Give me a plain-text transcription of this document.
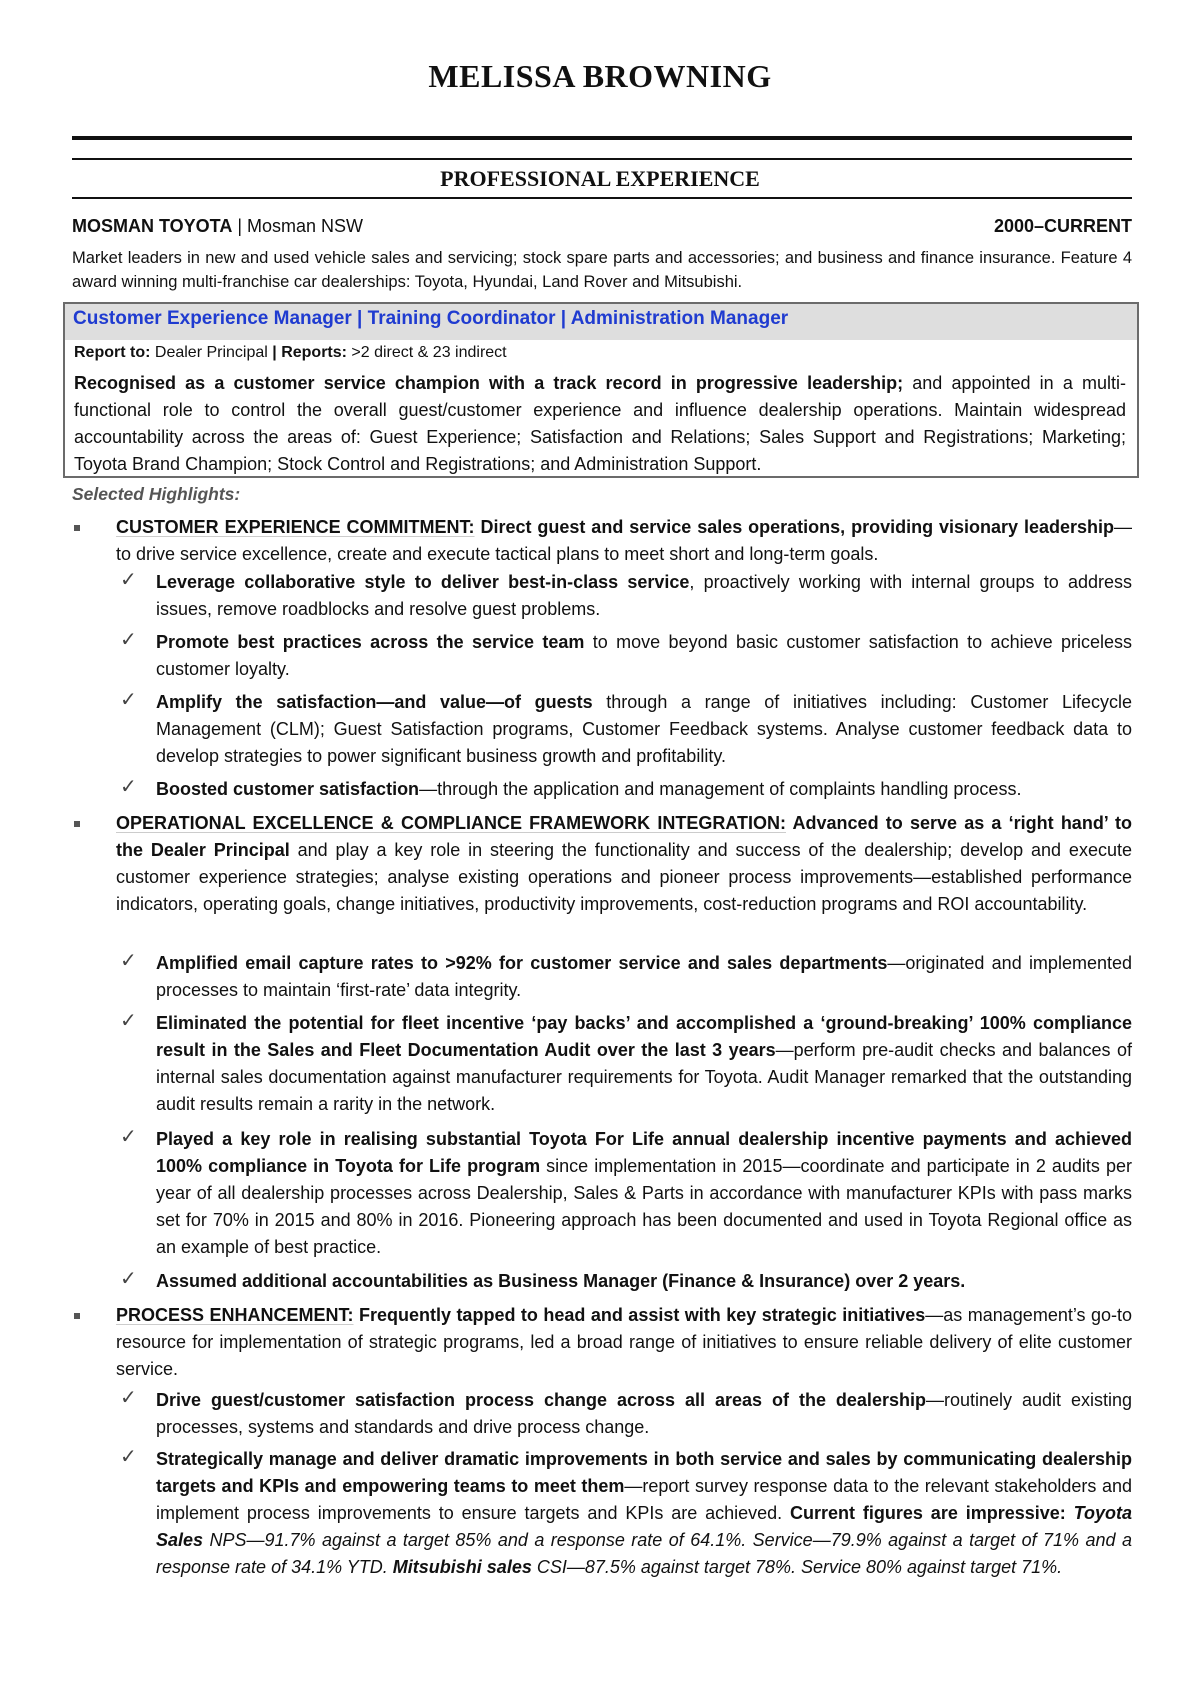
MELISSA BROWNING
PROFESSIONAL EXPERIENCE
MOSMAN TOYOTA | Mosman NSW	2000–CURRENT
Market leaders in new and used vehicle sales and servicing; stock spare parts and accessories; and business and finance insurance. Feature 4 award winning multi-franchise car dealerships: Toyota, Hyundai, Land Rover and Mitsubishi.
Customer Experience Manager | Training Coordinator | Administration Manager
Report to: Dealer Principal | Reports: >2 direct & 23 indirect
Recognised as a customer service champion with a track record in progressive leadership; and appointed in a multi-functional role to control the overall guest/customer experience and influence dealership operations. Maintain widespread accountability across the areas of: Guest Experience; Satisfaction and Relations; Sales Support and Registrations; Marketing; Toyota Brand Champion; Stock Control and Registrations; and Administration Support.
Selected Highlights:
CUSTOMER EXPERIENCE COMMITMENT: Direct guest and service sales operations, providing visionary leadership—to drive service excellence, create and execute tactical plans to meet short and long-term goals.
✓ Leverage collaborative style to deliver best-in-class service, proactively working with internal groups to address issues, remove roadblocks and resolve guest problems.
✓ Promote best practices across the service team to move beyond basic customer satisfaction to achieve priceless customer loyalty.
✓ Amplify the satisfaction—and value—of guests through a range of initiatives including: Customer Lifecycle Management (CLM); Guest Satisfaction programs, Customer Feedback systems. Analyse customer feedback data to develop strategies to power significant business growth and profitability.
✓ Boosted customer satisfaction—through the application and management of complaints handling process.
OPERATIONAL EXCELLENCE & COMPLIANCE FRAMEWORK INTEGRATION: Advanced to serve as a ‘right hand’ to the Dealer Principal and play a key role in steering the functionality and success of the dealership; develop and execute customer experience strategies; analyse existing operations and pioneer process improvements—established performance indicators, operating goals, change initiatives, productivity improvements, cost-reduction programs and ROI accountability.
✓ Amplified email capture rates to >92% for customer service and sales departments—originated and implemented processes to maintain ‘first-rate’ data integrity.
✓ Eliminated the potential for fleet incentive ‘pay backs’ and accomplished a ‘ground-breaking’ 100% compliance result in the Sales and Fleet Documentation Audit over the last 3 years—perform pre-audit checks and balances of internal sales documentation against manufacturer requirements for Toyota. Audit Manager remarked that the outstanding audit results remain a rarity in the network.
✓ Played a key role in realising substantial Toyota For Life annual dealership incentive payments and achieved 100% compliance in Toyota for Life program since implementation in 2015—coordinate and participate in 2 audits per year of all dealership processes across Dealership, Sales & Parts in accordance with manufacturer KPIs with pass marks set for 70% in 2015 and 80% in 2016. Pioneering approach has been documented and used in Toyota Regional office as an example of best practice.
✓ Assumed additional accountabilities as Business Manager (Finance & Insurance) over 2 years.
PROCESS ENHANCEMENT: Frequently tapped to head and assist with key strategic initiatives—as management’s go-to resource for implementation of strategic programs, led a broad range of initiatives to ensure reliable delivery of elite customer service.
✓ Drive guest/customer satisfaction process change across all areas of the dealership—routinely audit existing processes, systems and standards and drive process change.
✓ Strategically manage and deliver dramatic improvements in both service and sales by communicating dealership targets and KPIs and empowering teams to meet them—report survey response data to the relevant stakeholders and implement process improvements to ensure targets and KPIs are achieved. Current figures are impressive: Toyota Sales NPS—91.7% against a target 85% and a response rate of 64.1%. Service—79.9% against a target of 71% and a response rate of 34.1% YTD. Mitsubishi sales CSI—87.5% against target 78%. Service 80% against target 71%.
